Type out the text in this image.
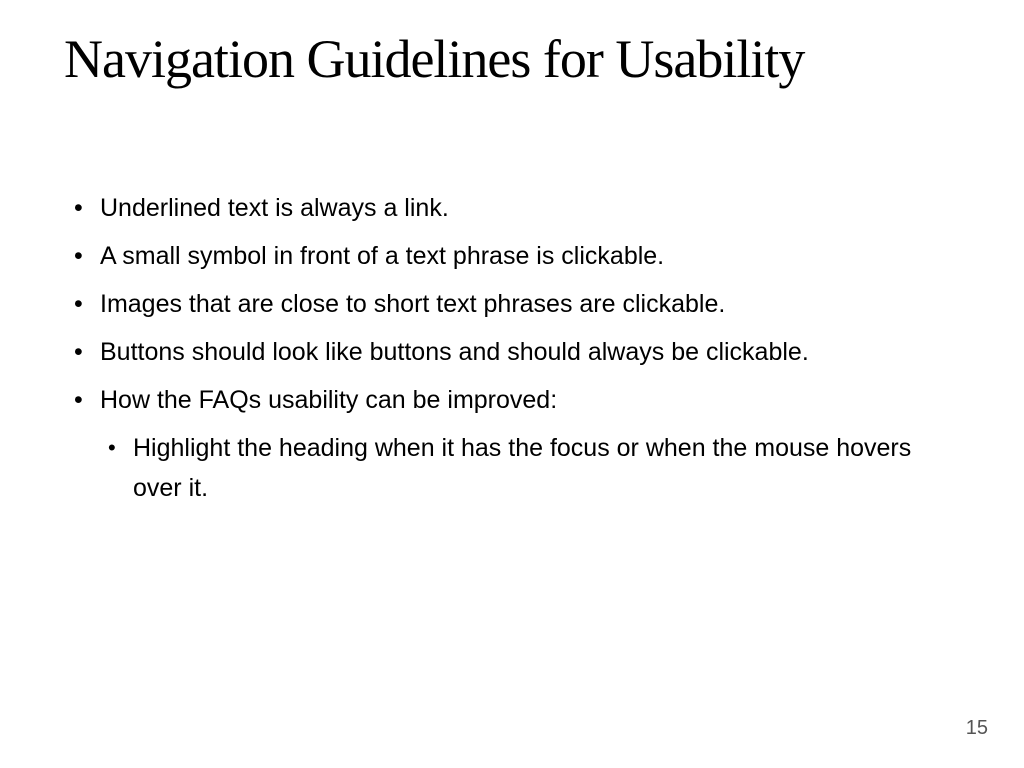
Navigation Guidelines for Usability
• Underlined text is always a link.
• A small symbol in front of a text phrase is clickable.
• Images that are close to short text phrases are clickable.
• Buttons should look like buttons and should always be clickable.
• How the FAQs usability can be improved:
• Highlight the heading when it has the focus or when the mouse hovers over it.
15
